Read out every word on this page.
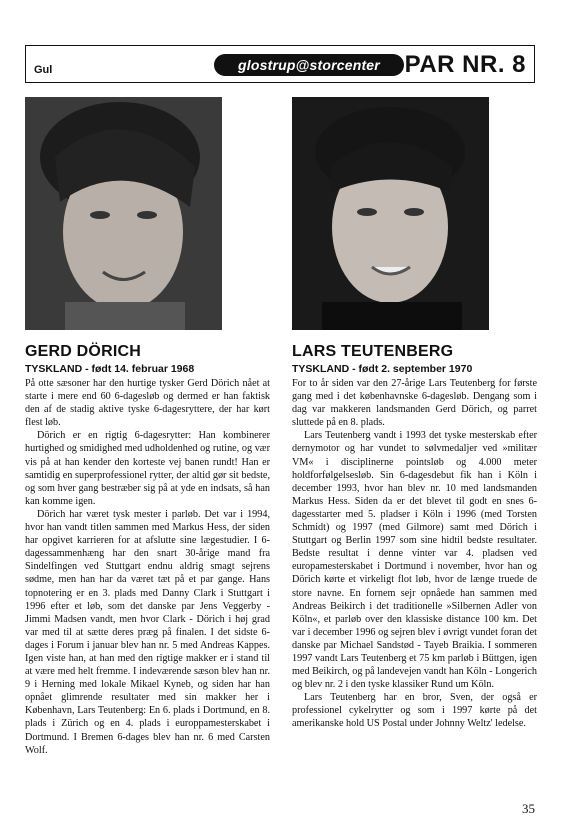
Gul	glostrup@storcenter	PAR NR. 8
GERD DÖRICH
TYSKLAND - født 14. februar 1968
LARS TEUTENBERG
TYSKLAND - født 2. september 1970

På otte sæsoner har den hurtige tysker Gerd Dörich nået at starte i mere end 60 6-dagesløb og dermed er han faktisk den af de stadig aktive tyske 6-dagesryttere, der har kørt flest løb.

Dörich er en rigtig 6-dagesrytter: Han kombinerer hurtighed og smidighed med udholdenhed og rutine, og vær vis på at han kender den korteste vej banen rundt! Han er samtidig en superprofessionel rytter, der altid gør sit bedste, og som hver gang bestræber sig på at yde en indsats, så han kan komme igen.

Dörich har været tysk mester i parløb. Det var i 1994, hvor han vandt titlen sammen med Markus Hess, der siden har opgivet karrieren for at afslutte sine lægestudier. I 6-dagessammenhæng har den snart 30-årige mand fra Sindelfingen ved Stuttgart endnu aldrig smagt sejrens sødme, men han har da været tæt på et par gange. Hans topnotering er en 3. plads med Danny Clark i Stuttgart i 1996 efter et løb, som det danske par Jens Veggerby - Jimmi Madsen vandt, men hvor Clark - Dörich i høj grad var med til at sætte deres præg på finalen. I det sidste 6-dages i Forum i januar blev han nr. 5 med Andreas Kappes. Igen viste han, at han med den rigtige makker er i stand til at være med helt fremme. I indeværende sæson blev han nr. 9 i Herning med lokale Mikael Kyneb, og siden har han opnået glimrende resultater med sin makker her i København, Lars Teutenberg: En 6. plads i Dortmund, en 8. plads i Zürich og en 4. plads i europpamesterskabet i Dortmund. I Bremen 6-dages blev han nr. 6 med Carsten Wolf.

For to år siden var den 27-årige Lars Teutenberg for første gang med i det københavnske 6-dagesløb. Dengang som i dag var makkeren landsmanden Gerd Dörich, og parret sluttede på en 8. plads.

Lars Teutenberg vandt i 1993 det tyske mesterskab efter dernymotor og har vundet to sølvmedaljer ved »militær VM« i disciplinerne pointsløb og 4.000 meter holdforfølgelsesløb. Sin 6-dagesdebut fik han i Köln i december 1993, hvor han blev nr. 10 med landsmanden Markus Hess. Siden da er det blevet til godt en snes 6-dagesstarter med 5. pladser i Köln i 1996 (med Torsten Schmidt) og 1997 (med Gilmore) samt med Dörich i Stuttgart og Berlin 1997 som sine hidtil bedste resultater. Bedste resultat i denne vinter var 4. pladsen ved europamesterskabet i Dortmund i november, hvor han og Dörich kørte et virkeligt flot løb, hvor de længe truede de store navne. En fornem sejr opnåede han sammen med Andreas Beikirch i det traditionelle »Silbernen Adler von Köln«, et parløb over den klassiske distance 100 km. Det var i december 1996 og sejren blev i øvrigt vundet foran det danske par Michael Sandstød - Tayeb Braikia. I sommeren 1997 vandt Lars Teutenberg et 75 km parløb i Büttgen, igen med Beikirch, og på landevejen vandt han Köln - Longerich og blev nr. 2 i den tyske klassiker Rund um Köln.

Lars Teutenberg har en bror, Sven, der også er professionel cykelrytter og som i 1997 kørte på det amerikanske hold US Postal under Johnny Weltz' ledelse.

35
